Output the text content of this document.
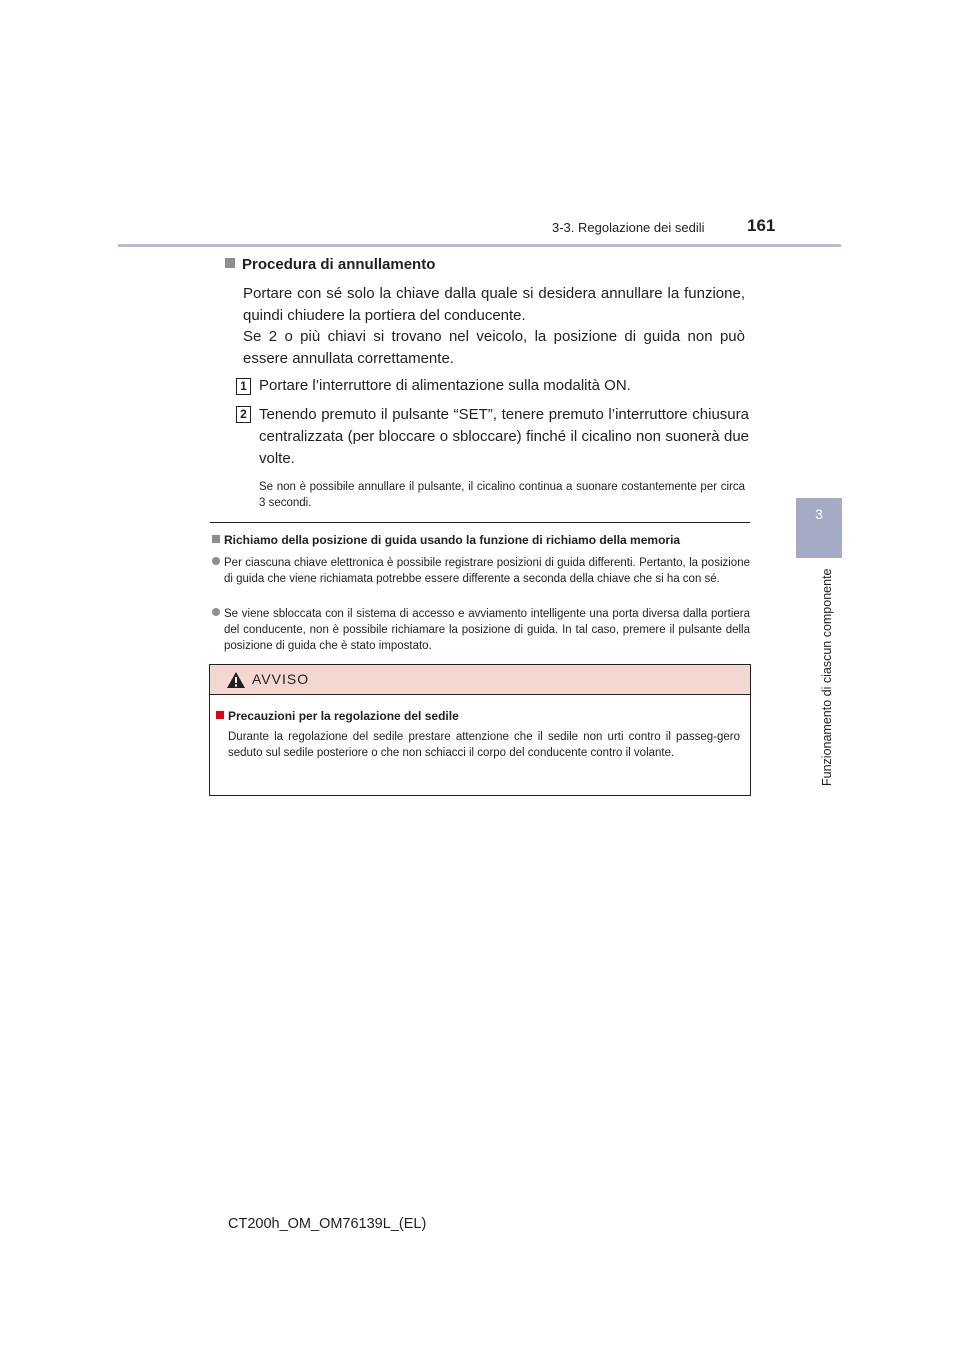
3-3. Regolazione dei sedili	161
3
Funzionamento di ciascun componente
Procedura di annullamento
Portare con sé solo la chiave dalla quale si desidera annullare la funzione, quindi chiudere la portiera del conducente.
Se 2 o più chiavi si trovano nel veicolo, la posizione di guida non può essere annullata correttamente.
1 Portare l’interruttore di alimentazione sulla modalità ON.
2 Tenendo premuto il pulsante “SET”, tenere premuto l’interruttore chiusura centralizzata (per bloccare o sbloccare) finché il cicalino non suonerà due volte.
Se non è possibile annullare il pulsante, il cicalino continua a suonare costantemente per circa 3 secondi.
Richiamo della posizione di guida usando la funzione di richiamo della memoria
Per ciascuna chiave elettronica è possibile registrare posizioni di guida differenti. Pertanto, la posizione di guida che viene richiamata potrebbe essere differente a seconda della chiave che si ha con sé.
Se viene sbloccata con il sistema di accesso e avviamento intelligente una porta diversa dalla portiera del conducente, non è possibile richiamare la posizione di guida. In tal caso, premere il pulsante della posizione di guida che è stato impostato.
AVVISO
Precauzioni per la regolazione del sedile
Durante la regolazione del sedile prestare attenzione che il sedile non urti contro il passeg-gero seduto sul sedile posteriore o che non schiacci il corpo del conducente contro il volante.
CT200h_OM_OM76139L_(EL)
